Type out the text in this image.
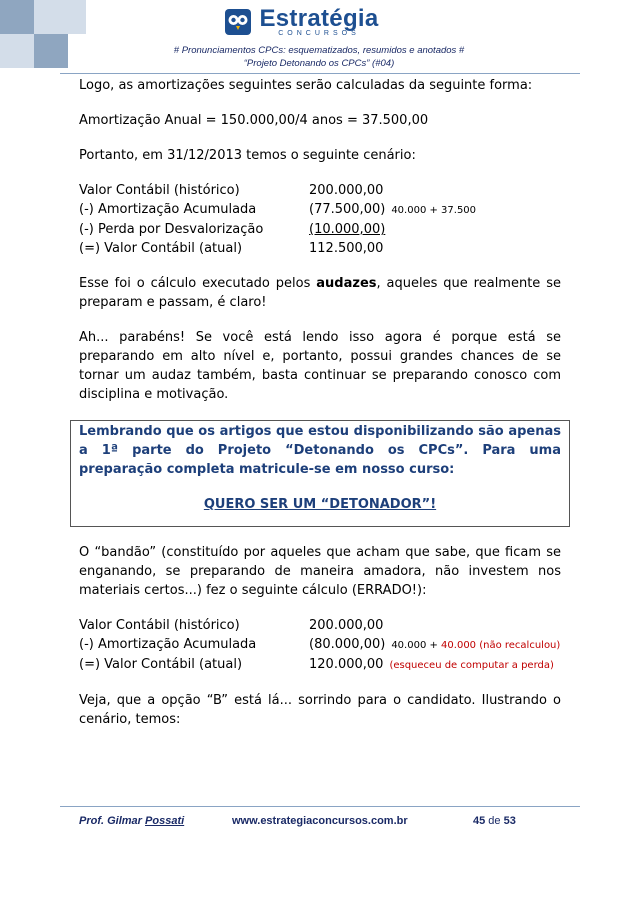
Estratégia
CONCURSOS
# Pronunciamentos CPCs: esquematizados, resumidos e anotados #
“Projeto Detonando os CPCs” (#04)

Logo, as amortizações seguintes serão calculadas da seguinte forma:

Amortização Anual = 150.000,00/4 anos = 37.500,00

Portanto, em 31/12/2013 temos o seguinte cenário:

Valor Contábil (histórico)	200.000,00
(-) Amortização Acumulada	(77.500,00) 40.000 + 37.500
(-) Perda por Desvalorização	(10.000,00)
(=) Valor Contábil (atual)	112.500,00

Esse foi o cálculo executado pelos audazes, aqueles que realmente se preparam e passam, é claro!

Ah... parabéns! Se você está lendo isso agora é porque está se preparando em alto nível e, portanto, possui grandes chances de se tornar um audaz também, basta continuar se preparando conosco com disciplina e motivação.

Lembrando que os artigos que estou disponibilizando são apenas a 1ª parte do Projeto “Detonando os CPCs”. Para uma preparação completa matricule-se em nosso curso:
QUERO SER UM “DETONADOR”!

O “bandão” (constituído por aqueles que acham que sabe, que ficam se enganando, se preparando de maneira amadora, não investem nos materiais certos...) fez o seguinte cálculo (ERRADO!):

Valor Contábil (histórico)	200.000,00
(-) Amortização Acumulada	(80.000,00) 40.000 + 40.000 (não recalculou)
(=) Valor Contábil (atual)	120.000,00 (esqueceu de computar a perda)

Veja, que a opção “B” está lá... sorrindo para o candidato. Ilustrando o cenário, temos:

Prof. Gilmar Possati	www.estrategiaconcursos.com.br	45 de 53
